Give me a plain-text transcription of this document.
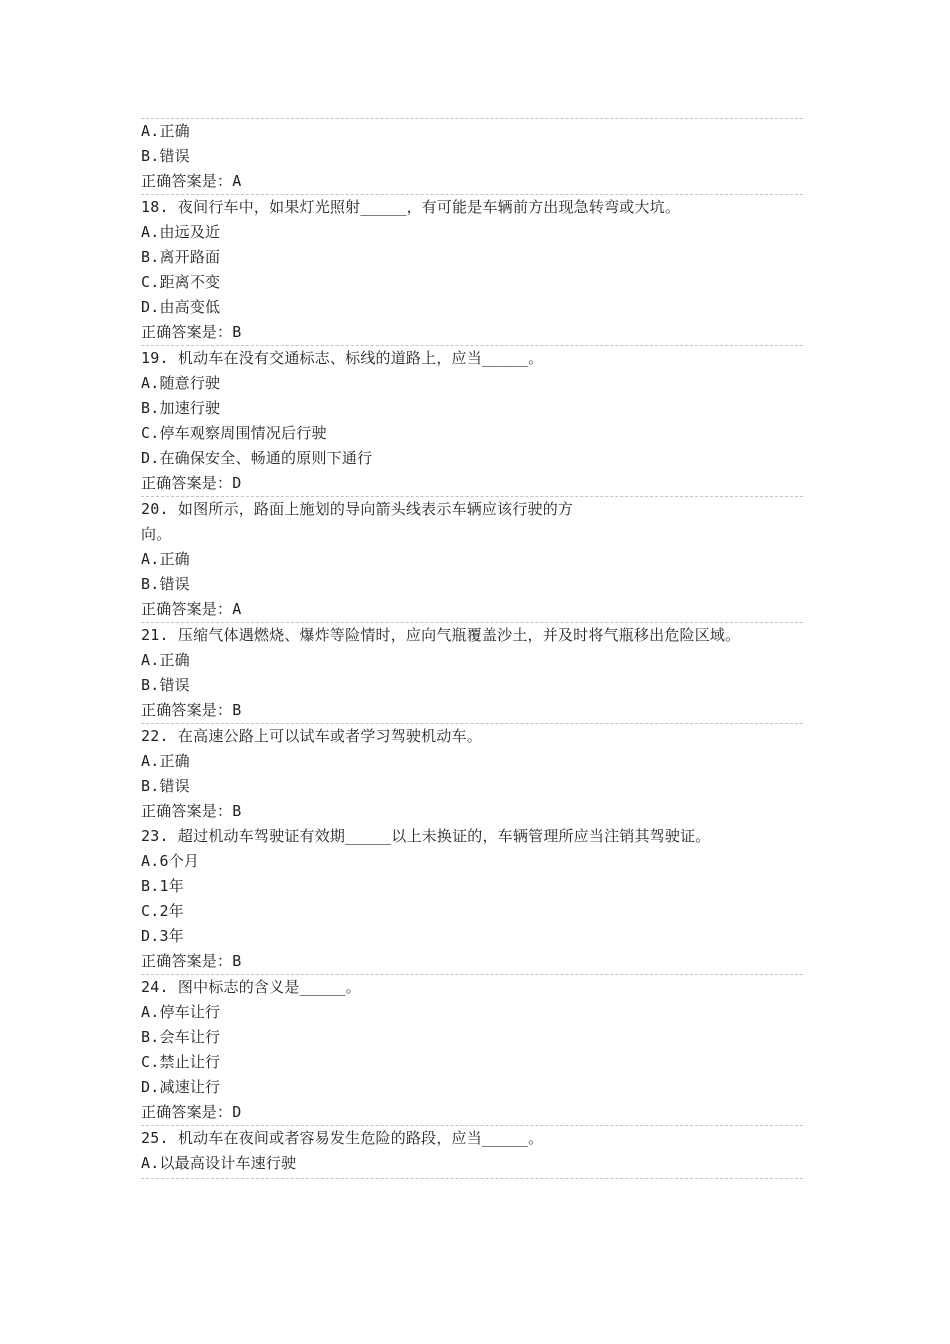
A.正确
B.错误
正确答案是：A
18. 夜间行车中，如果灯光照射_____，有可能是车辆前方出现急转弯或大坑。
A.由远及近
B.离开路面
C.距离不变
D.由高变低
正确答案是：B
19. 机动车在没有交通标志、标线的道路上，应当_____。
A.随意行驶
B.加速行驶
C.停车观察周围情况后行驶
D.在确保安全、畅通的原则下通行
正确答案是：D
20. 如图所示，路面上施划的导向箭头线表示车辆应该行驶的方
向。
A.正确
B.错误
正确答案是：A
21. 压缩气体遇燃烧、爆炸等险情时，应向气瓶覆盖沙土，并及时将气瓶移出危险区域。
A.正确
B.错误
正确答案是：B
22. 在高速公路上可以试车或者学习驾驶机动车。
A.正确
B.错误
正确答案是：B
23. 超过机动车驾驶证有效期_____以上未换证的，车辆管理所应当注销其驾驶证。
A.6个月
B.1年
C.2年
D.3年
正确答案是：B
24. 图中标志的含义是_____。
A.停车让行
B.会车让行
C.禁止让行
D.减速让行
正确答案是：D
25. 机动车在夜间或者容易发生危险的路段，应当_____。
A.以最高设计车速行驶
